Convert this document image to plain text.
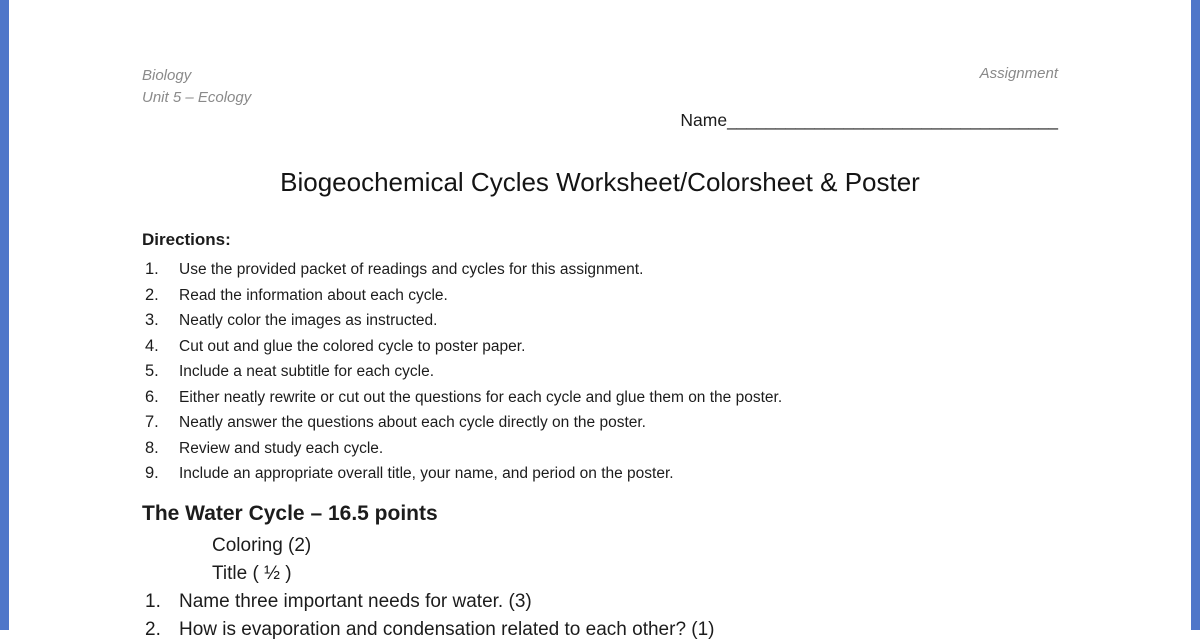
Biology
Unit 5 – Ecology
Assignment
Name__________________________________
Biogeochemical Cycles Worksheet/Colorsheet & Poster
Directions:
1.	Use the provided packet of readings and cycles for this assignment.
2.	Read the information about each cycle.
3.	Neatly color the images as instructed.
4.	Cut out and glue the colored cycle to poster paper.
5.	Include a neat subtitle for each cycle.
6.	Either neatly rewrite or cut out the questions for each cycle and glue them on the poster.
7.	Neatly answer the questions about each cycle directly on the poster.
8.	Review and study each cycle.
9.	Include an appropriate overall title, your name, and period on the poster.
The Water Cycle – 16.5 points
Coloring (2)
Title ( ½ )
1. Name three important needs for water. (3)
2. How is evaporation and condensation related to each other? (1)
